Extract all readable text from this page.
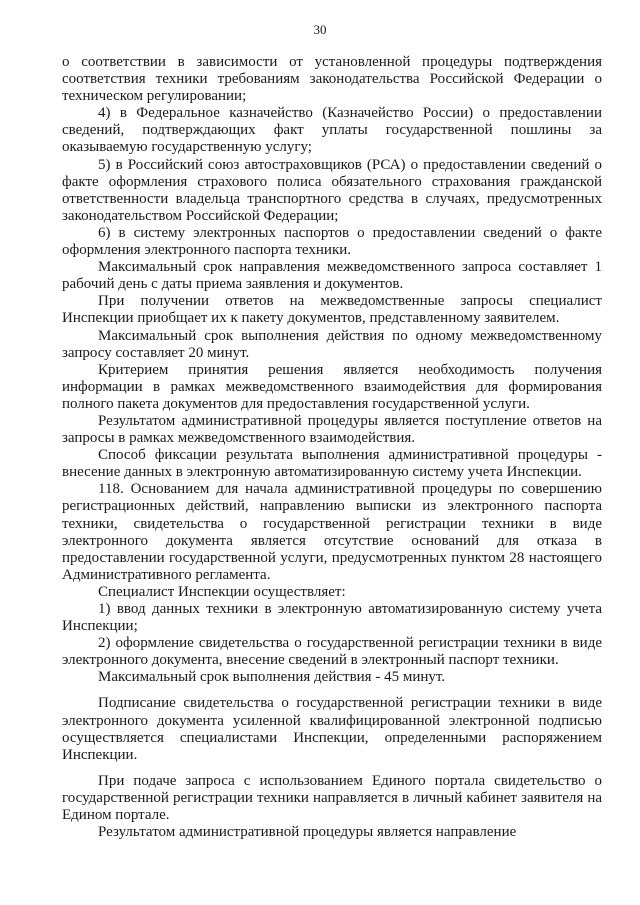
30

о соответствии в зависимости от установленной процедуры подтверждения соответствия техники требованиям законодательства Российской Федерации о техническом регулировании;

4) в Федеральное казначейство (Казначейство России) о предоставлении сведений, подтверждающих факт уплаты государственной пошлины за оказываемую государственную услугу;

5) в Российский союз автостраховщиков (РСА) о предоставлении сведений о факте оформления страхового полиса обязательного страхования гражданской ответственности владельца транспортного средства в случаях, предусмотренных законодательством Российской Федерации;

6) в систему электронных паспортов о предоставлении сведений о факте оформления электронного паспорта техники.

Максимальный срок направления межведомственного запроса составляет 1 рабочий день с даты приема заявления и документов.

При получении ответов на межведомственные запросы специалист Инспекции приобщает их к пакету документов, представленному заявителем.

Максимальный срок выполнения действия по одному межведомственному запросу составляет 20 минут.

Критерием принятия решения является необходимость получения информации в рамках межведомственного взаимодействия для формирования полного пакета документов для предоставления государственной услуги.

Результатом административной процедуры является поступление ответов на запросы в рамках межведомственного взаимодействия.

Способ фиксации результата выполнения административной процедуры - внесение данных в электронную автоматизированную систему учета Инспекции.

118. Основанием для начала административной процедуры по совершению регистрационных действий, направлению выписки из электронного паспорта техники, свидетельства о государственной регистрации техники в виде электронного документа является отсутствие оснований для отказа в предоставлении государственной услуги, предусмотренных пунктом 28 настоящего Административного регламента.

Специалист Инспекции осуществляет:

1) ввод данных техники в электронную автоматизированную систему учета Инспекции;

2) оформление свидетельства о государственной регистрации техники в виде электронного документа, внесение сведений в электронный паспорт техники.

Максимальный срок выполнения действия - 45 минут.

Подписание свидетельства о государственной регистрации техники в виде электронного документа усиленной квалифицированной электронной подписью осуществляется специалистами Инспекции, определенными распоряжением Инспекции.

При подаче запроса с использованием Единого портала свидетельство о государственной регистрации техники направляется в личный кабинет заявителя на Едином портале.

Результатом административной процедуры является направление
